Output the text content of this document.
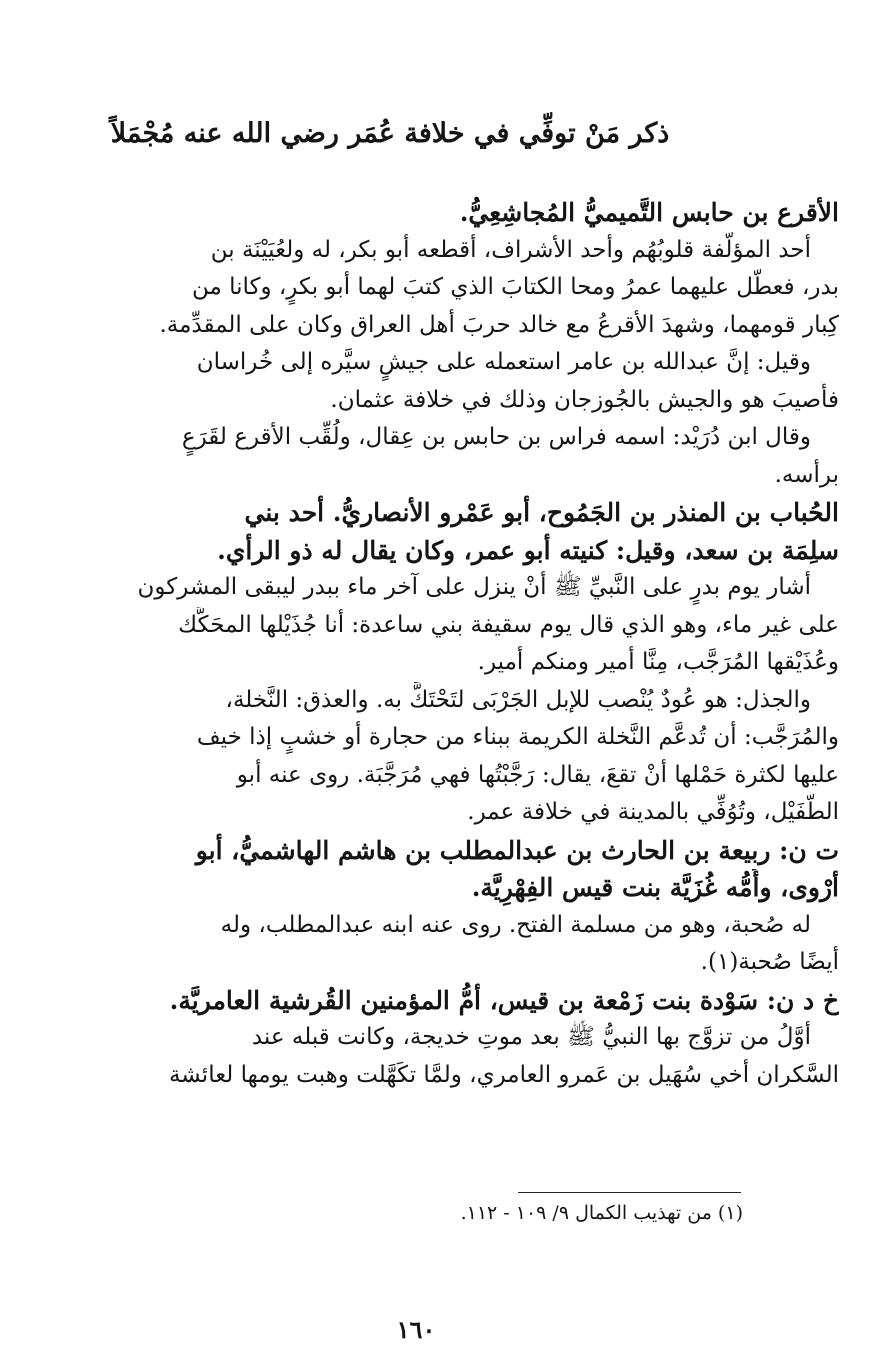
ذكر مَنْ توفِّي في خلافة عُمَر رضي الله عنه مُجْمَلاً
الأقرع بن حابس التَّميميُّ المُجاشِعِيُّ.
أحد المؤلَّفة قلوبُهُم وأحد الأشراف، أقطعه أبو بكر، له ولعُيَيْنَة بن
بدر، فعطَّل عليهما عمرُ ومحا الكتابَ الذي كتبَ لهما أبو بكرٍ، وكانا من
كِبار قومهما، وشهدَ الأقرعُ مع خالد حربَ أهل العراق وكان على المقدِّمة.
وقيل: إنَّ عبدالله بن عامر استعمله على جيشٍ سيَّره إلى خُراسان
فأُصيبَ هو والجيش بالجُوزجان وذلك في خلافة عثمان.
وقال ابن دُرَيْد: اسمه فراس بن حابس بن عِقال، ولُقِّب الأقرع لقَرَعٍ
برأسه.
الحُباب بن المنذر بن الجَمُوح، أبو عَمْرو الأنصاريُّ. أحد بني
سلِمَة بن سعد، وقيل: كنيته أبو عمر، وكان يقال له ذو الرأي.
أشار يوم بدرٍ على النَّبيِّ ﷺ أنْ ينزل على آخر ماء ببدر ليبقى المشركون
على غير ماء، وهو الذي قال يوم سقيفة بني ساعدة: أنا جُذَيْلها المحَكَّك
وعُذَيْقها المُرَجَّب، مِنَّا أمير ومنكم أمير.
والجذل: هو عُودٌ يُنْصب للإبل الجَرْبَى لتَحْتَكَّ به. والعذق: النَّخلة،
والمُرَجَّب: أن تُدعَّم النَّخلة الكريمة ببناء من حجارة أو خشبٍ إذا خيف
عليها لكثرة حَمْلها أنْ تقعَ، يقال: رَجَّبْتُها فهي مُرَجَّبَة. روى عنه أبو
الطُّفَيْل، وتُوُفِّي بالمدينة في خلافة عمر.
ت ن: ربيعة بن الحارث بن عبدالمطلب بن هاشم الهاشميُّ، أبو
أرْوى، وأُمُّه غُزَيَّة بنت قيس الفِهْرِيَّة.
له صُحبة، وهو من مسلمة الفتح. روى عنه ابنه عبدالمطلب، وله
أيضًا صُحبة(١).
خ د ن: سَوْدة بنت زَمْعة بن قيس، أمُّ المؤمنين القُرشية العامريَّة.
أوَّلُ من تزوَّج بها النبيُّ ﷺ بعد موتِ خديجة، وكانت قبله عند
السَّكران أخي سُهَيل بن عَمرو العامري، ولمَّا تكَهَّلت وهبت يومها لعائشة
(١) من تهذيب الكمال ٩/ ١٠٩ - ١١٢.
١٦٠
